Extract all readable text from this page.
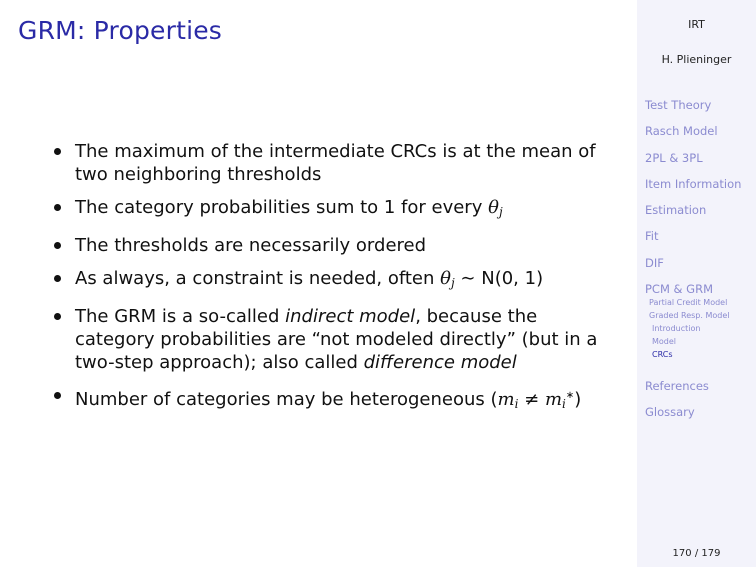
GRM: Properties
The maximum of the intermediate CRCs is at the mean of two neighboring thresholds
The category probabilities sum to 1 for every $\theta_j$
The thresholds are necessarily ordered
As always, a constraint is needed, often $\theta_j$ ∼ N(0, 1)
The GRM is a so-called indirect model, because the category probabilities are “not modeled directly” (but in a two-step approach); also called difference model
Number of categories may be heterogeneous $(m_i \ne m_i^∗)$
IRT
H. Plieninger
Test Theory
Rasch Model
2PL & 3PL
Item Information
Estimation
Fit
DIF
PCM & GRM
Partial Credit Model
Graded Resp. Model
Introduction
Model
CRCs
References
Glossary
170 / 179
